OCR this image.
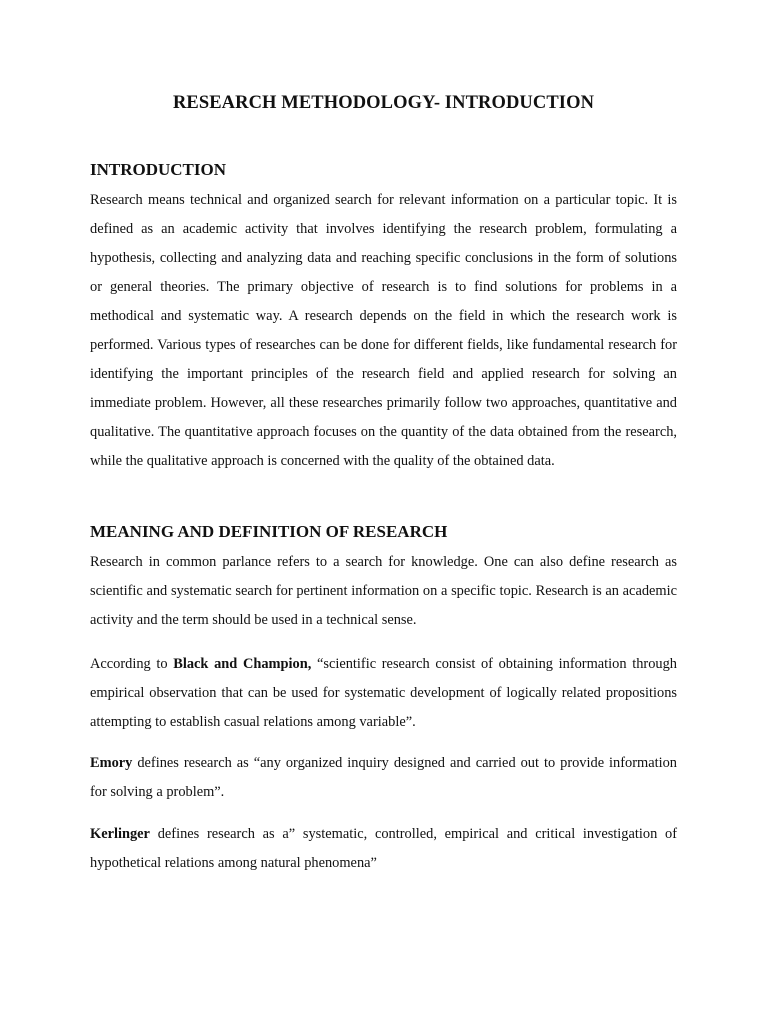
RESEARCH METHODOLOGY- INTRODUCTION
INTRODUCTION

Research means technical and organized search for relevant information on a particular topic. It is defined as an academic activity that involves identifying the research problem, formulating a hypothesis, collecting and analyzing data and reaching specific conclusions in the form of solutions or general theories. The primary objective of research is to find solutions for problems in a methodical and systematic way. A research depends on the field in which the research work is performed. Various types of researches can be done for different fields, like fundamental research for identifying the important principles of the research field and applied research for solving an immediate problem. However, all these researches primarily follow two approaches, quantitative and qualitative. The quantitative approach focuses on the quantity of the data obtained from the research, while the qualitative approach is concerned with the quality of the obtained data.

MEANING AND DEFINITION OF RESEARCH

Research in common parlance refers to a search for knowledge. One can also define research as scientific and systematic search for pertinent information on a specific topic. Research is an academic activity and the term should be used in a technical sense.

According to Black and Champion, “scientific research consist of obtaining information through empirical observation that can be used for systematic development of logically related propositions attempting to establish casual relations among variable”.

Emory defines research as “any organized inquiry designed and carried out to provide information for solving a problem”.

Kerlinger defines research as a” systematic, controlled, empirical and critical investigation of hypothetical relations among natural phenomena”
